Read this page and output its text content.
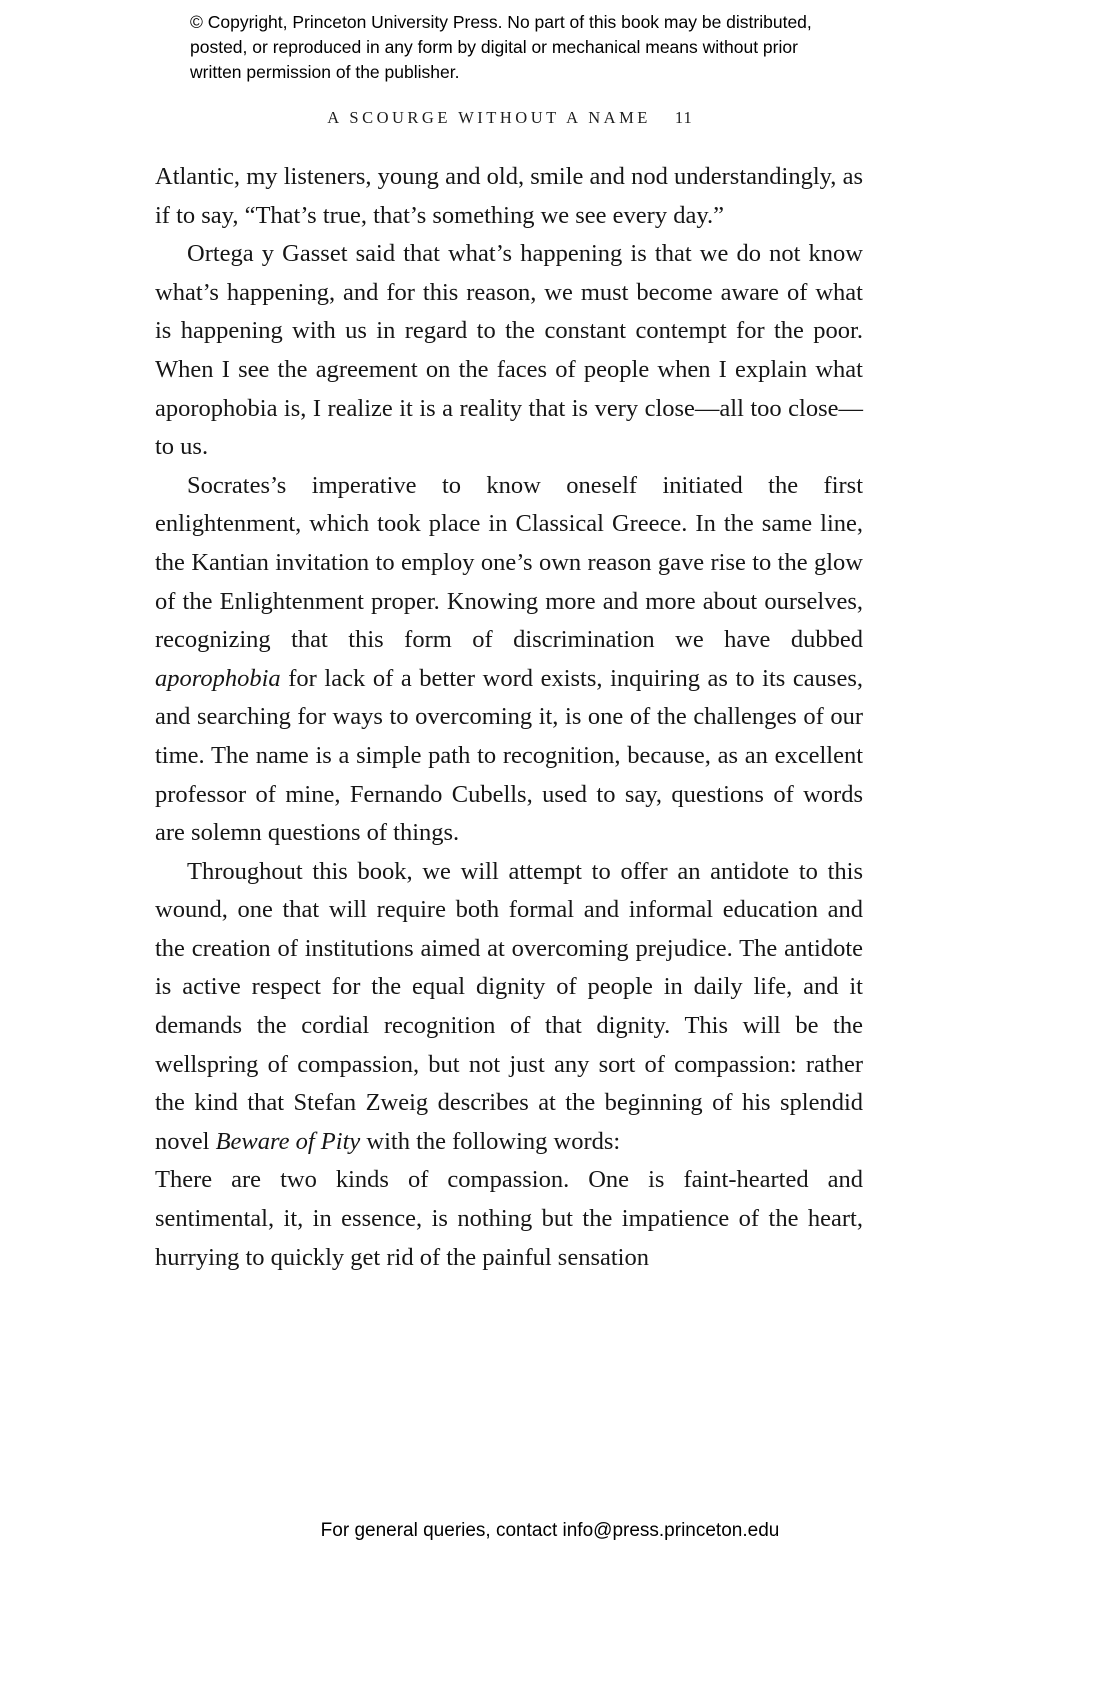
© Copyright, Princeton University Press. No part of this book may be distributed, posted, or reproduced in any form by digital or mechanical means without prior written permission of the publisher.
A SCOURGE WITHOUT A NAME 11

Atlantic, my listeners, young and old, smile and nod understandingly, as if to say, “That’s true, that’s something we see every day.”

Ortega y Gasset said that what’s happening is that we do not know what’s happening, and for this reason, we must become aware of what is happening with us in regard to the constant contempt for the poor. When I see the agreement on the faces of people when I explain what aporophobia is, I realize it is a reality that is very close—all too close—to us.

Socrates’s imperative to know oneself initiated the first enlightenment, which took place in Classical Greece. In the same line, the Kantian invitation to employ one’s own reason gave rise to the glow of the Enlightenment proper. Knowing more and more about ourselves, recognizing that this form of discrimination we have dubbed aporophobia for lack of a better word exists, inquiring as to its causes, and searching for ways to overcoming it, is one of the challenges of our time. The name is a simple path to recognition, because, as an excellent professor of mine, Fernando Cubells, used to say, questions of words are solemn questions of things.

Throughout this book, we will attempt to offer an antidote to this wound, one that will require both formal and informal education and the creation of institutions aimed at overcoming prejudice. The antidote is active respect for the equal dignity of people in daily life, and it demands the cordial recognition of that dignity. This will be the wellspring of compassion, but not just any sort of compassion: rather the kind that Stefan Zweig describes at the beginning of his splendid novel Beware of Pity with the following words:

There are two kinds of compassion. One is faint-hearted and sentimental, it, in essence, is nothing but the impatience of the heart, hurrying to quickly get rid of the painful sensation

For general queries, contact info@press.princeton.edu
